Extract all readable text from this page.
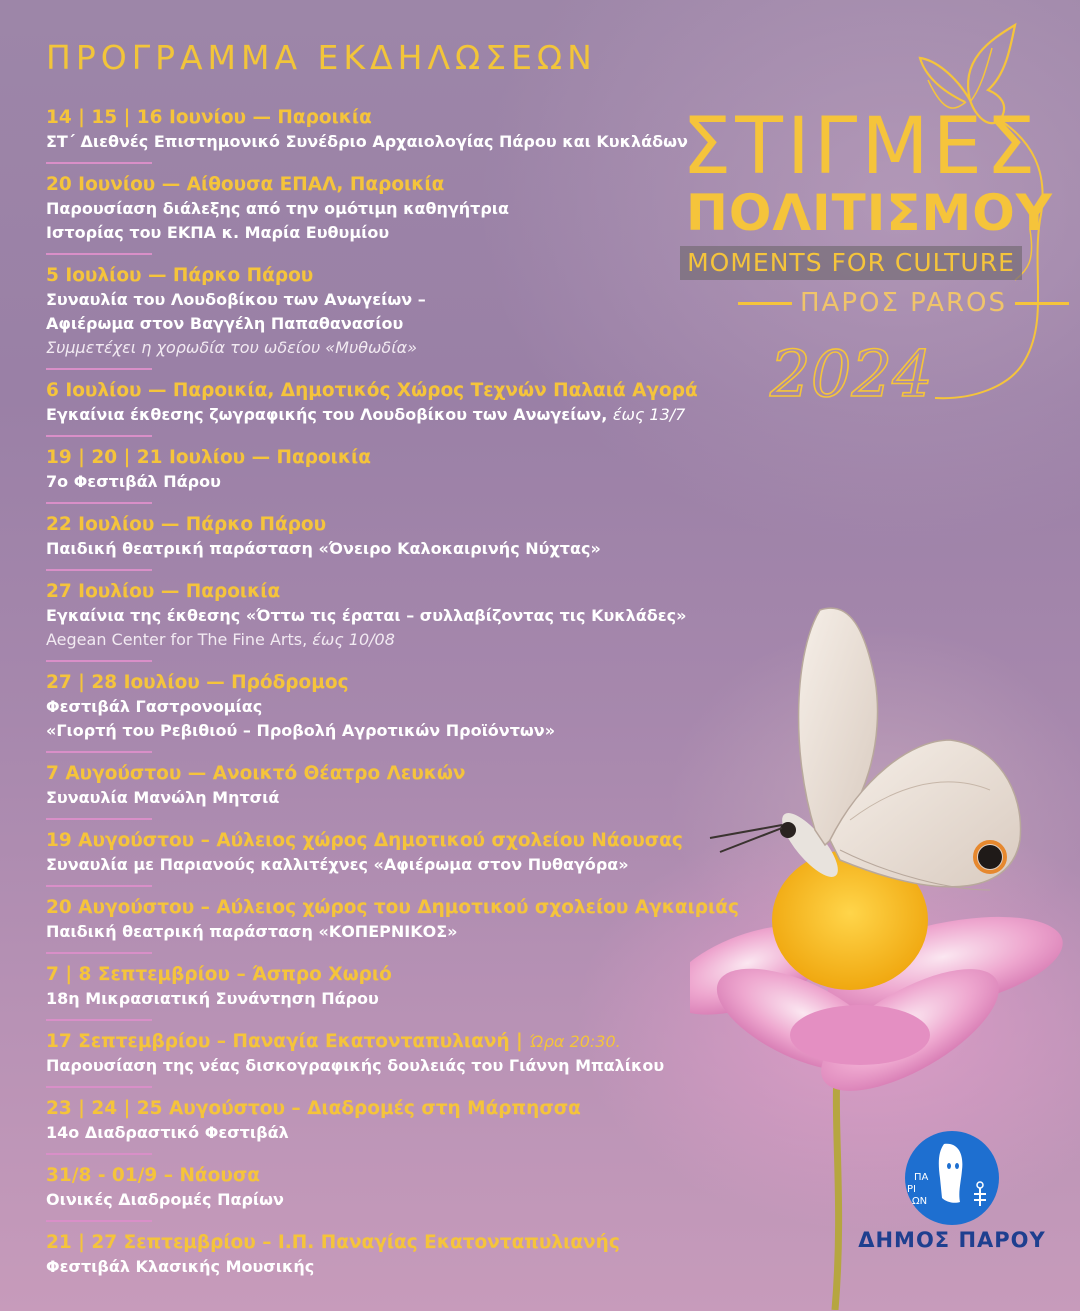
ΠΡΟΓΡΑΜΜΑ ΕΚΔΗΛΩΣΕΩΝ
14 | 15 | 16 Ιουνίου — Παροικία
ΣΤ΄ Διεθνές Επιστημονικό Συνέδριο Αρχαιολογίας Πάρου και Κυκλάδων
20 Ιουνίου — Αίθουσα ΕΠΑΛ, Παροικία
Παρουσίαση διάλεξης από την ομότιμη καθηγήτρια
Ιστορίας του ΕΚΠΑ κ. Μαρία Ευθυμίου
5 Ιουλίου — Πάρκο Πάρου
Συναυλία του Λουδοβίκου των Ανωγείων –
Αφιέρωμα στον Βαγγέλη Παπαθανασίου
Συμμετέχει η χορωδία του ωδείου «Μυθωδία»
6 Ιουλίου — Παροικία, Δημοτικός Χώρος Τεχνών Παλαιά Αγορά
Εγκαίνια έκθεσης ζωγραφικής του Λουδοβίκου των Ανωγείων, έως 13/7
19 | 20 | 21 Ιουλίου — Παροικία
7ο Φεστιβάλ Πάρου
22 Ιουλίου — Πάρκο Πάρου
Παιδική θεατρική παράσταση «Όνειρο Καλοκαιρινής Νύχτας»
27 Ιουλίου — Παροικία
Εγκαίνια της έκθεσης «Όττω τις έραται – συλλαβίζοντας τις Κυκλάδες»
Aegean Center for The Fine Arts, έως 10/08
27 | 28 Ιουλίου — Πρόδρομος
Φεστιβάλ Γαστρονομίας
«Γιορτή του Ρεβιθιού – Προβολή Αγροτικών Προϊόντων»
7 Αυγούστου — Ανοικτό Θέατρο Λευκών
Συναυλία Μανώλη Μητσιά
19 Αυγούστου – Αύλειος χώρος Δημοτικού σχολείου Νάουσας
Συναυλία με Παριανούς καλλιτέχνες «Αφιέρωμα στον Πυθαγόρα»
20 Αυγούστου – Αύλειος χώρος του Δημοτικού σχολείου Αγκαιριάς
Παιδική θεατρική παράσταση «ΚΟΠΕΡΝΙΚΟΣ»
7 | 8 Σεπτεμβρίου – Άσπρο Χωριό
18η Μικρασιατική Συνάντηση Πάρου
17 Σεπτεμβρίου – Παναγία Εκατονταπυλιανή | Ώρα 20:30.
Παρουσίαση της νέας δισκογραφικής δουλειάς του Γιάννη Μπαλίκου
23 | 24 | 25 Αυγούστου – Διαδρομές στη Μάρπησσα
14ο Διαδραστικό Φεστιβάλ
31/8 - 01/9 – Νάουσα
Οινικές Διαδρομές Παρίων
21 | 27 Σεπτεμβρίου – Ι.Π. Παναγίας Εκατονταπυλιανής
Φεστιβάλ Κλασικής Μουσικής
ΣΤΙΓΜΕΣ
ΠΟΛΙΤΙΣΜΟΥ
MOMENTS FOR CULTURE
ΠΑΡΟΣ PAROS
2024
ΠΑ
ΡΙ
ΩΝ
ΔΗΜΟΣ ΠΑΡΟΥ
